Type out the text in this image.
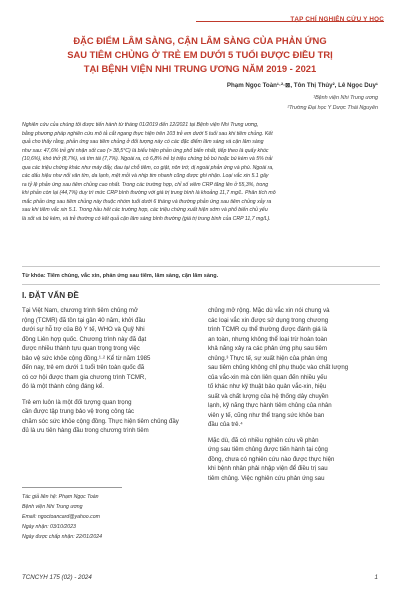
TẠP CHÍ NGHIÊN CỨU Y HỌC
ĐẶC ĐIỂM LÂM SÀNG, CẬN LÂM SÀNG CỦA PHẢN ỨNG
SAU TIÊM CHỦNG Ở TRẺ EM DƯỚI 5 TUỔI ĐƯỢC ĐIỀU TRỊ
TẠI BỆNH VIỆN NHI TRUNG ƯƠNG NĂM 2019 - 2021
Phạm Ngọc Toàn¹·²·⊠, Tôn Thị Thủy², Lê Ngọc Duy¹
¹Bệnh viện Nhi Trung ương
²Trường Đại học Y Dược Thái Nguyên
Nghiên cứu của chúng tôi được tiến hành từ tháng 01/2019 đến 12/2021 tại Bệnh viện Nhi Trung ương,
bằng phương pháp nghiên cứu mô tả cắt ngang thực hiện trên 103 trẻ em dưới 5 tuổi sau khi tiêm chủng. Kết
quả cho thấy rằng, phản ứng sau tiêm chủng ở đối tượng này có các đặc điểm lâm sàng và cận lâm sàng
như sau: 47,6% trẻ ghi nhận sốt cao (> 38,5°C) là biểu hiện phản ứng phổ biến nhất, tiếp theo là quấy khóc
(10,6%), khó thở (8,7%), và tím tái (7,7%). Ngoài ra, có 6,8% trẻ bị triệu chứng bỏ bú hoặc bú kém và 5% trải
qua các triệu chứng khác như máy đẩy, đau tại chỗ tiêm, co giật, nôn trớ, dị ngoài phản ứng và phù. Ngoài ra,
các dấu hiệu như nổi vân tím, da lạnh, mệt mỏi và nhịp tim nhanh cũng được ghi nhận. Loại vắc xin 5.1 gây
ra tỷ lệ phản ứng sau tiêm chủng cao nhất. Trong các trường hợp, chỉ số viêm CRP tăng lên ở 55,3%, trong
khi phản còn lại (44,7%) duy trì mức CRP bình thường với giá trị trung bình là khoảng 11,7 mg/L. Phân tích mô
mắc phản ứng sau tiêm chủng này thuộc nhóm tuổi dưới 6 tháng và thường phản ứng sau tiêm chủng xảy ra
sau khi tiêm vắc xin 5.1. Trong hầu hết các trường hợp, các triệu chứng xuất hiện sớm và phổ biến chủ yếu
là sốt và bú kém, và trẻ thường có kết quả cận lâm sàng bình thường (giá trị trung bình của CRP 11,7 mg/L).
Từ khóa: Tiêm chủng, vắc xin, phản ứng sau tiêm, lâm sàng, cận lâm sàng.
I. ĐẶT VẤN ĐỀ
Tại Việt Nam, chương trình tiêm chủng mở
rộng (TCMR) đã tồn tại gần 40 năm, khởi đầu
dưới sự hỗ trợ của Bộ Y tế, WHO và Quỹ Nhi
đồng Liên hợp quốc. Chương trình này đã đạt
được nhiều thành tựu quan trọng trong việc
bảo vệ sức khỏe cộng đồng.¹·² Kể từ năm 1985
đến nay, trẻ em dưới 1 tuổi trên toàn quốc đã
có cơ hội được tham gia chương trình TCMR,
đó là một thành công đáng kể.
Trẻ em luôn là một đối tượng quan trọng
cần được tập trung bảo vệ trong công tác
chăm sóc sức khỏe cộng đồng. Thực hiện tiêm chủng đầy
đủ là ưu tiên hàng đầu trong chương trình tiêm
chủng mở rộng. Mặc dù vắc xin nói chung và
các loại vắc xin được sử dụng trong chương
trình TCMR cụ thể thường được đánh giá là
an toàn, nhưng không thể loại trừ hoàn toàn
khả năng xảy ra các phản ứng phụ sau tiêm
chủng.³ Thực tế, sự xuất hiện của phản ứng
sau tiêm chủng không chỉ phụ thuộc vào chất lượng
của vắc-xin mà còn liên quan đến nhiều yếu
tố khác như kỹ thuật bảo quản vắc-xin, hiệu
suất và chất lượng của hệ thống dây chuyền
lạnh, kỹ năng thực hành tiêm chủng của nhân
viên y tế, cũng như thể trạng sức khỏe ban
đầu của trẻ.⁴
Mặc dù, đã có nhiều nghiên cứu về phản
ứng sau tiêm chủng được tiến hành tại cộng
đồng, chưa có nghiên cứu nào được thực hiện
khi bệnh nhân phải nhập viện để điều trị sau
tiêm chủng. Việc nghiên cứu phản ứng sau
Tác giả liên hệ: Phạm Ngọc Toàn
Bệnh viện Nhi Trung ương
Email: ngoctoancard@yahoo.com
Ngày nhận: 03/10/2023
Ngày được chấp nhận: 22/01/2024
TCNCYH 175 (02) - 2024	1
